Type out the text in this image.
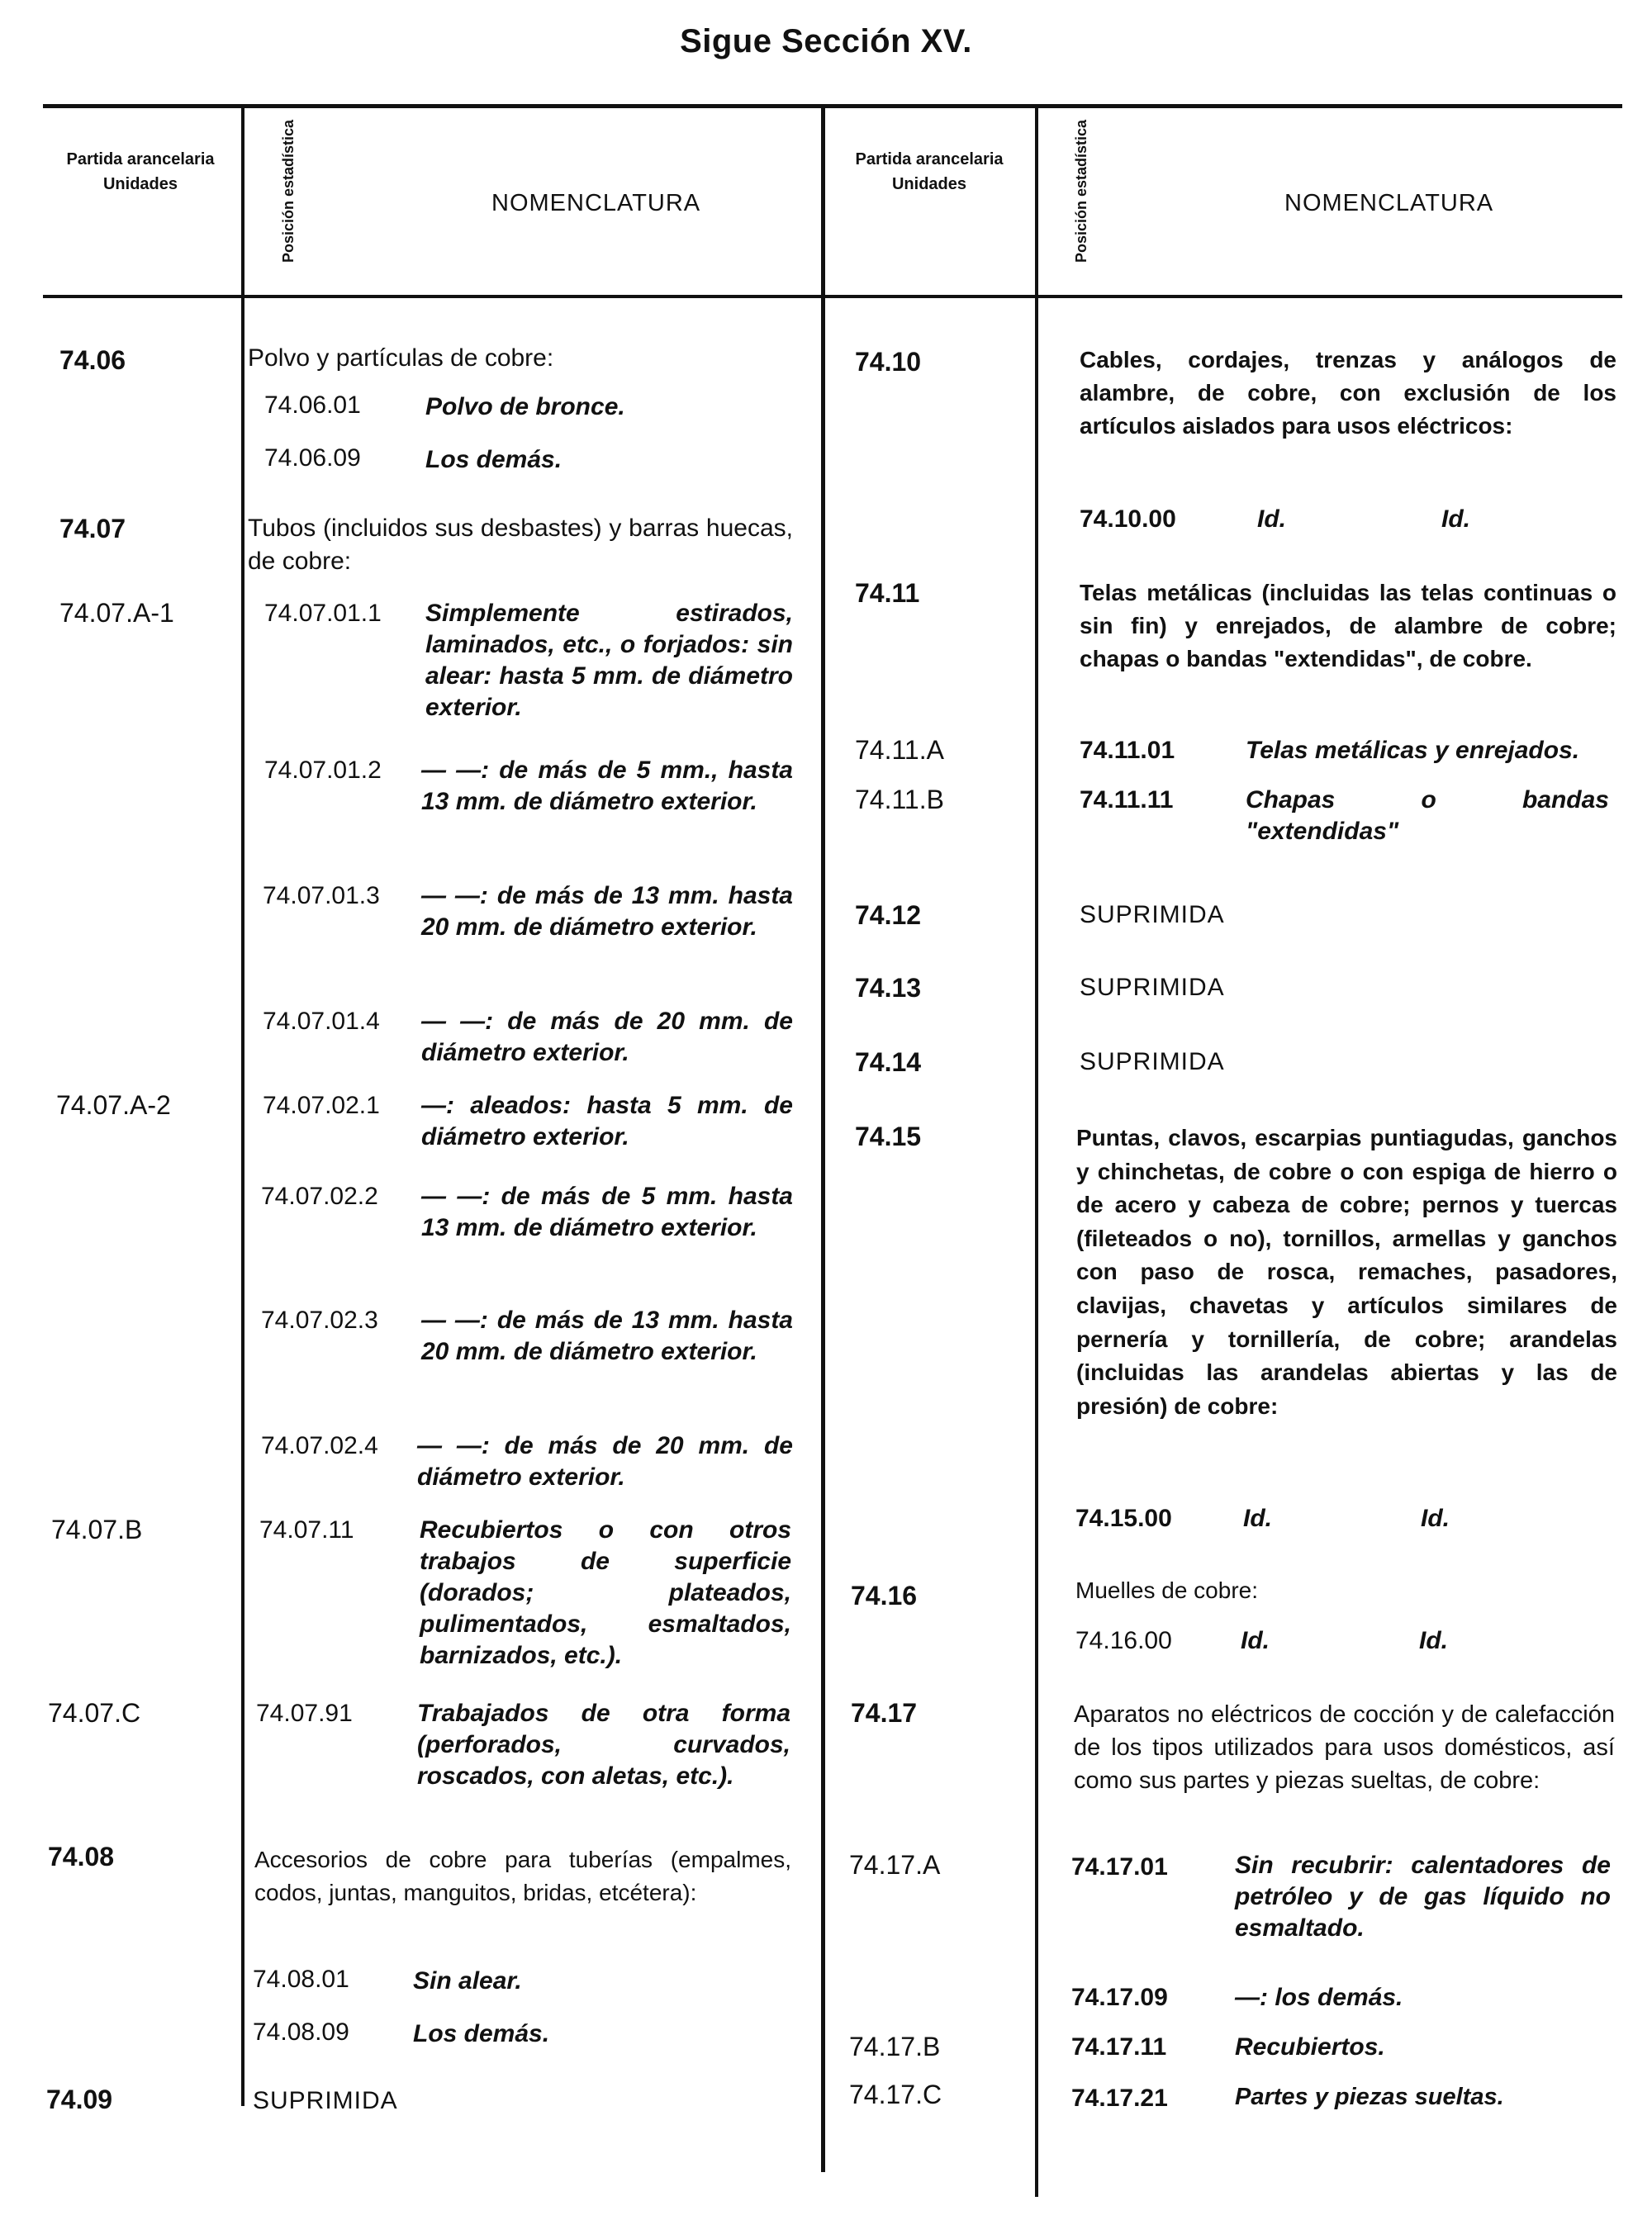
Sigue Sección XV.
Partida arancelaria Unidades	Posición estadística	NOMENCLATURA
Partida arancelaria Unidades	Posición estadística	NOMENCLATURA
74.06	Polvo y partículas de cobre:
74.06.01	Polvo de bronce.
74.06.09	Los demás.
74.07	Tubos (incluidos sus desbastes) y barras huecas, de cobre:
74.07.A-1	74.07.01.1 Simplemente estirados, laminados, etc., o forjados: sin alear: hasta 5 mm. de diámetro exterior.
74.07.01.2 — —: de más de 5 mm., hasta 13 mm. de diámetro exterior.
74.07.01.3 — —: de más de 13 mm. hasta 20 mm. de diámetro exterior.
74.07.01.4 — —: de más de 20 mm. de diámetro exterior.
74.07.A-2	74.07.02.1 —: aleados: hasta 5 mm. de diámetro exterior.
74.07.02.2 — —: de más de 5 mm. hasta 13 mm. de diámetro exterior.
74.07.02.3 — —: de más de 13 mm. hasta 20 mm. de diámetro exterior.
74.07.02.4 — —: de más de 20 mm. de diámetro exterior.
74.07.B	74.07.11	Recubiertos o con otros trabajos de superficie (dorados; plateados, pulimentados, esmaltados, barnizados, etc.).
74.07.C	74.07.91	Trabajados de otra forma (perforados, curvados, roscados, con aletas, etc.).
74.08	Accesorios de cobre para tuberías (empalmes, codos, juntas, manguitos, bridas, etcétera):
74.08.01	Sin alear.
74.08.09	Los demás.
74.09	SUPRIMIDA
74.10	Cables, cordajes, trenzas y análogos de alambre, de cobre, con exclusión de los artículos aislados para usos eléctricos:
74.10.00	Id.	Id.
74.11	Telas metálicas (incluidas las telas continuas o sin fin) y enrejados, de alambre de cobre; chapas o bandas "extendidas", de cobre.
74.11.A	74.11.01	Telas metálicas y enrejados.
74.11.B	74.11.11	Chapas o bandas "extendidas"
74.12	SUPRIMIDA
74.13	SUPRIMIDA
74.14	SUPRIMIDA
74.15	Puntas, clavos, escarpias puntiagudas, ganchos y chinchetas, de cobre o con espiga de hierro o de acero y cabeza de cobre; pernos y tuercas (fileteados o no), tornillos, armellas y ganchos con paso de rosca, remaches, pasadores, clavijas, chavetas y artículos similares de pernería y tornillería, de cobre; arandelas (incluidas las arandelas abiertas y las de presión) de cobre:
74.15.00	Id.	Id.
74.16	Muelles de cobre:
74.16.00	Id.	Id.
74.17	Aparatos no eléctricos de cocción y de calefacción de los tipos utilizados para usos domésticos, así como sus partes y piezas sueltas, de cobre:
74.17.A	74.17.01	Sin recubrir: calentadores de petróleo y de gas líquido no esmaltado.
74.17.09	—: los demás.
74.17.B	74.17.11	Recubiertos.
74.17.C	74.17.21	Partes y piezas sueltas.
